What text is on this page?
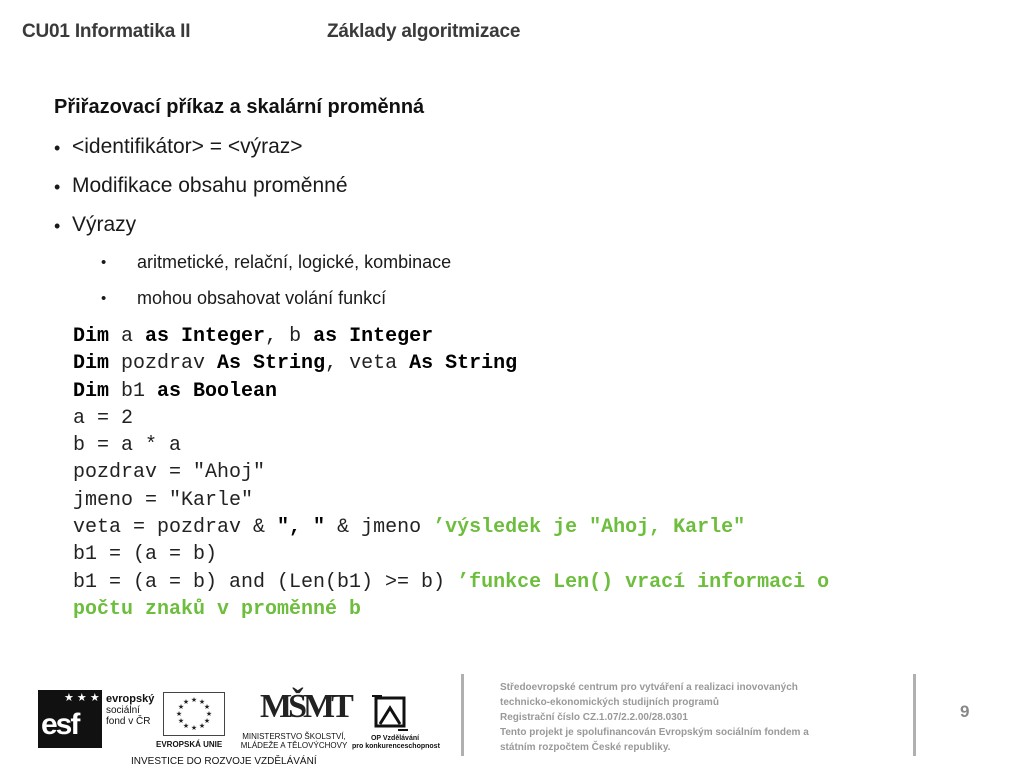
CU01 Informatika II	Základy algoritmizace
Přiřazovací příkaz a skalární proměnná
• <identifikátor> = <výraz>
• Modifikace obsahu proměnné
• Výrazy
•	aritmetické, relační, logické, kombinace
•	mohou obsahovat volání funkcí
Dim a as Integer, b as Integer
Dim pozdrav As String, veta As String
Dim b1 as Boolean
a = 2
b = a * a
pozdrav = "Ahoj"
jmeno = "Karle"
veta = pozdrav & ", " & jmeno ’výsledek je "Ahoj, Karle"
b1 = (a = b)
b1 = (a = b) and (Len(b1) >= b) ’funkce Len() vrací informaci o
počtu znaků v proměnné b
★ ★ ★
esf
evropský
sociální
fond v ČR
★ ★
★
★
★
★
★
★
★
★
★
★
EVROPSKÁ UNIE
MŠMT
MINISTERSTVO ŠKOLSTVÍ,
MLÁDEŽE A TĚLOVÝCHOVY
OP Vzdělávání
pro konkurenceschopnost
INVESTICE DO ROZVOJE VZDĚLÁVÁNÍ
Středoevropské centrum pro vytváření a realizaci inovovaných
technicko-ekonomických studijních programů
Registrační číslo CZ.1.07/2.2.00/28.0301
Tento projekt je spolufinancován Evropským sociálním fondem a
státním rozpočtem České republiky.
9
